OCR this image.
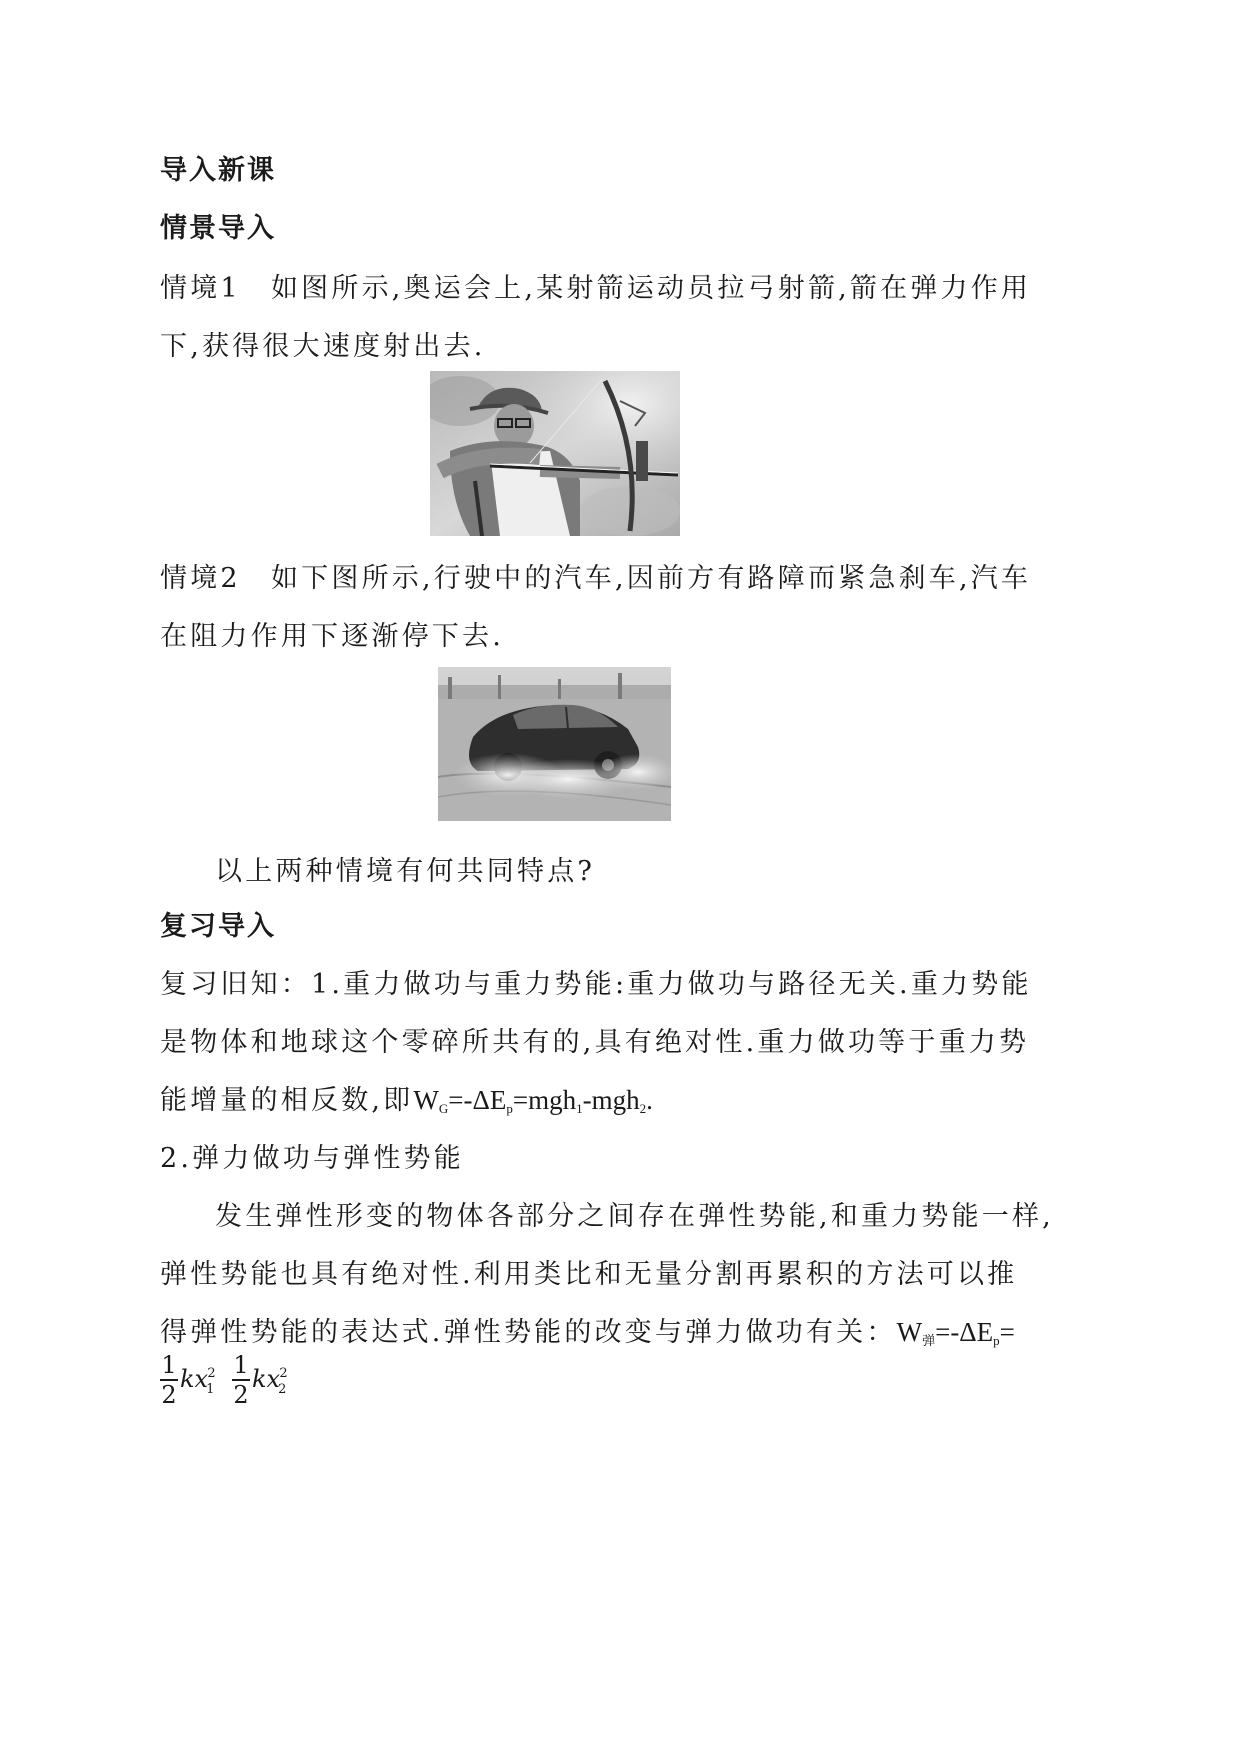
导入新课
情景导入
情境1　如图所示,奥运会上,某射箭运动员拉弓射箭,箭在弹力作用
下,获得很大速度射出去.
情境2　如下图所示,行驶中的汽车,因前方有路障而紧急刹车,汽车
在阻力作用下逐渐停下去.
以上两种情境有何共同特点?
复习导入
复习旧知：1.重力做功与重力势能:重力做功与路径无关.重力势能
是物体和地球这个零碎所共有的,具有绝对性.重力做功等于重力势
能增量的相反数,即$W_G=-\Delta E_p=mgh_1-mgh_2$.
2.弹力做功与弹性势能
发生弹性形变的物体各部分之间存在弹性势能,和重力势能一样,
弹性势能也具有绝对性.利用类比和无量分割再累积的方法可以推
得弹性势能的表达式.弹性势能的改变与弹力做功有关：$W_弹=-\Delta E_p=$
1
2
$kx_1^2$ 1
2
$kx_2^2$
